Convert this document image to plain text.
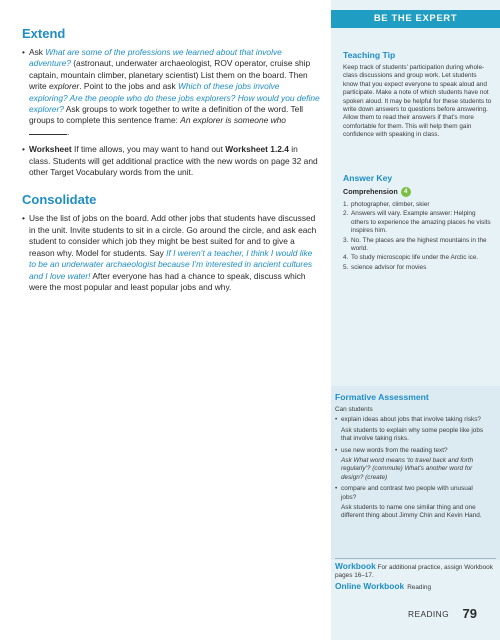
Extend
• Ask What are some of the professions we learned about that involve adventure? (astronaut, underwater archaeologist, ROV operator, cruise ship captain, mountain climber, planetary scientist) List them on the board. Then write explorer. Point to the jobs and ask Which of these jobs involve exploring? Are the people who do these jobs explorers? How would you define explorer? Ask groups to work together to write a definition of the word. Tell groups to complete this sentence frame: An explorer is someone who .
• Worksheet If time allows, you may want to hand out Worksheet 1.2.4 in class. Students will get additional practice with the new words on page 32 and other Target Vocabulary words from the unit.
Consolidate
• Use the list of jobs on the board. Add other jobs that students have discussed in the unit. Invite students to sit in a circle. Go around the circle, and ask each student to consider which job they might be best suited for and to give a reason why. Model for students. Say If I weren’t a teacher, I think I would like to be an underwater archaeologist because I’m interested in ancient cultures and I love water! After everyone has had a chance to speak, discuss which were the most popular and least popular jobs and why.
BE THE EXPERT
Teaching Tip
Keep track of students’ participation during whole-class discussions and group work. Let students know that you expect everyone to speak aloud and participate. Make a note of which students have not spoken aloud. It may be helpful for these students to write down answers to questions before answering. Allow them to read their answers if that’s more comfortable for them. This will help them gain confidence with speaking in class.
Answer Key
Comprehension	4
1. photographer, climber, skier
2. Answers will vary. Example answer: Helping others to experience the amazing places he visits inspires him.
3. No. The places are the highest mountains in the world.
4. To study microscopic life under the Arctic ice.
5. science advisor for movies
Formative Assessment
Can students
• explain ideas about jobs that involve taking risks?
Ask students to explain why some people like jobs that involve taking risks.
• use new words from the reading text?
Ask What word means ‘to travel back and forth regularly’? (commute) What’s another word for design? (create)
• compare and contrast two people with unusual jobs?
Ask students to name one similar thing and one different thing about Jimmy Chin and Kevin Hand.
Workbook For additional practice, assign Workbook pages 16–17.
Online Workbook Reading
READING 79
